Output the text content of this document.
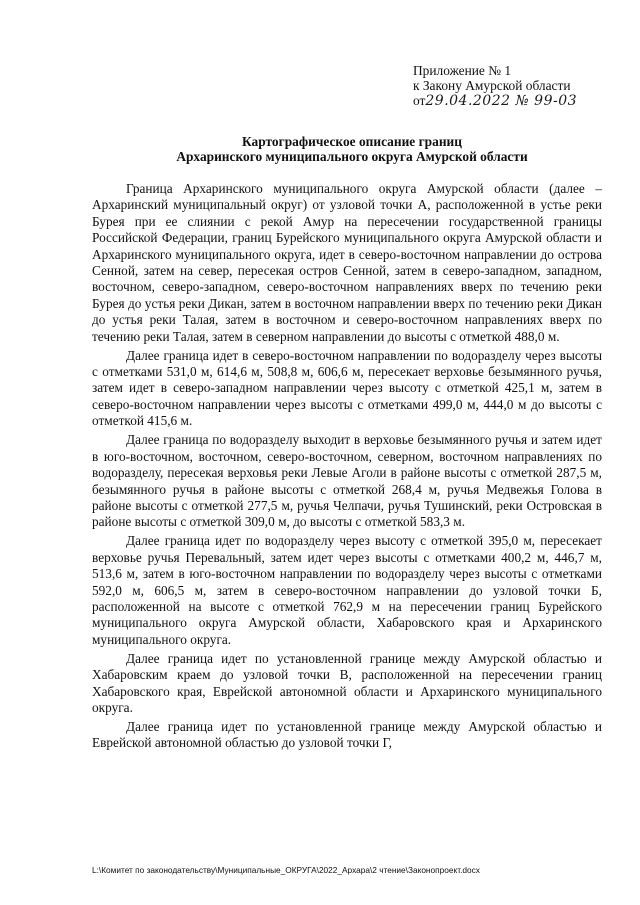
Приложение № 1
к Закону Амурской области
от29.04.2022 № 99-03
Картографическое описание границ
Архаринского муниципального округа Амурской области

Граница Архаринского муниципального округа Амурской области (далее – Архаринский муниципальный округ) от узловой точки А, расположенной в устье реки Бурея при ее слиянии с рекой Амур на пересечении государственной границы Российской Федерации, границ Бурейского муниципального округа Амурской области и Архаринского муниципального округа, идет в северо-восточном направлении до острова Сенной, затем на север, пересекая остров Сенной, затем в северо-западном, западном, восточном, северо-западном, северо-восточном направлениях вверх по течению реки Бурея до устья реки Дикан, затем в восточном направлении вверх по течению реки Дикан до устья реки Талая, затем в восточном и северо-восточном направлениях вверх по течению реки Талая, затем в северном направлении до высоты с отметкой 488,0 м.

Далее граница идет в северо-восточном направлении по водоразделу через высоты с отметками 531,0 м, 614,6 м, 508,8 м, 606,6 м, пересекает верховье безымянного ручья, затем идет в северо-западном направлении через высоту с отметкой 425,1 м, затем в северо-восточном направлении через высоты с отметками 499,0 м, 444,0 м до высоты с отметкой 415,6 м.

Далее граница по водоразделу выходит в верховье безымянного ручья и затем идет в юго-восточном, восточном, северо-восточном, северном, восточном направлениях по водоразделу, пересекая верховья реки Левые Аголи в районе высоты с отметкой 287,5 м, безымянного ручья в районе высоты с отметкой 268,4 м, ручья Медвежья Голова в районе высоты с отметкой 277,5 м, ручья Челпачи, ручья Тушинский, реки Островская в районе высоты с отметкой 309,0 м, до высоты с отметкой 583,3 м.

Далее граница идет по водоразделу через высоту с отметкой 395,0 м, пересекает верховье ручья Перевальный, затем идет через высоты с отметками 400,2 м, 446,7 м, 513,6 м, затем в юго-восточном направлении по водоразделу через высоты с отметками 592,0 м, 606,5 м, затем в северо-восточном направлении до узловой точки Б, расположенной на высоте с отметкой 762,9 м на пересечении границ Бурейского муниципального округа Амурской области, Хабаровского края и Архаринского муниципального округа.

Далее граница идет по установленной границе между Амурской областью и Хабаровским краем до узловой точки В, расположенной на пересечении границ Хабаровского края, Еврейской автономной области и Архаринского муниципального округа.

Далее граница идет по установленной границе между Амурской областью и Еврейской автономной областью до узловой точки Г,

L:\Комитет по законодательству\Муниципальные_ОКРУГА\2022_Архара\2 чтение\Законопроект.docx
